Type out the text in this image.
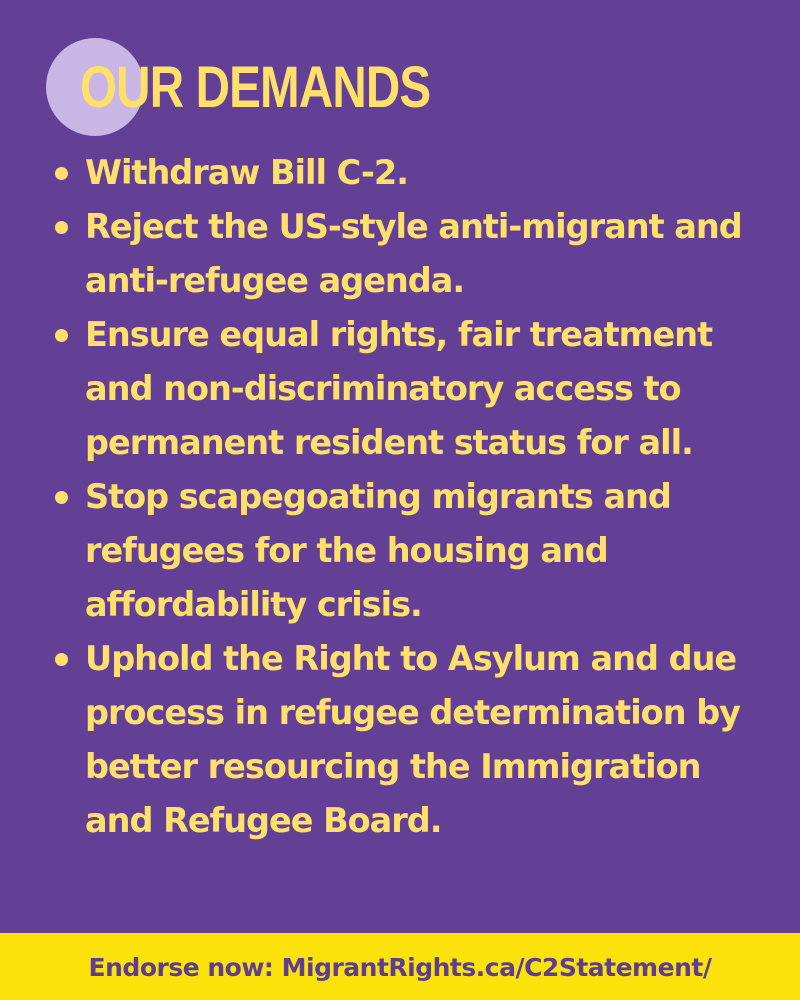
OUR DEMANDS
Withdraw Bill C-2.
Reject the US-style anti-migrant and anti-refugee agenda.
Ensure equal rights, fair treatment and non-discriminatory access to permanent resident status for all.
Stop scapegoating migrants and refugees for the housing and affordability crisis.
Uphold the Right to Asylum and due process in refugee determination by better resourcing the Immigration and Refugee Board.
Endorse now: MigrantRights.ca/C2Statement/
